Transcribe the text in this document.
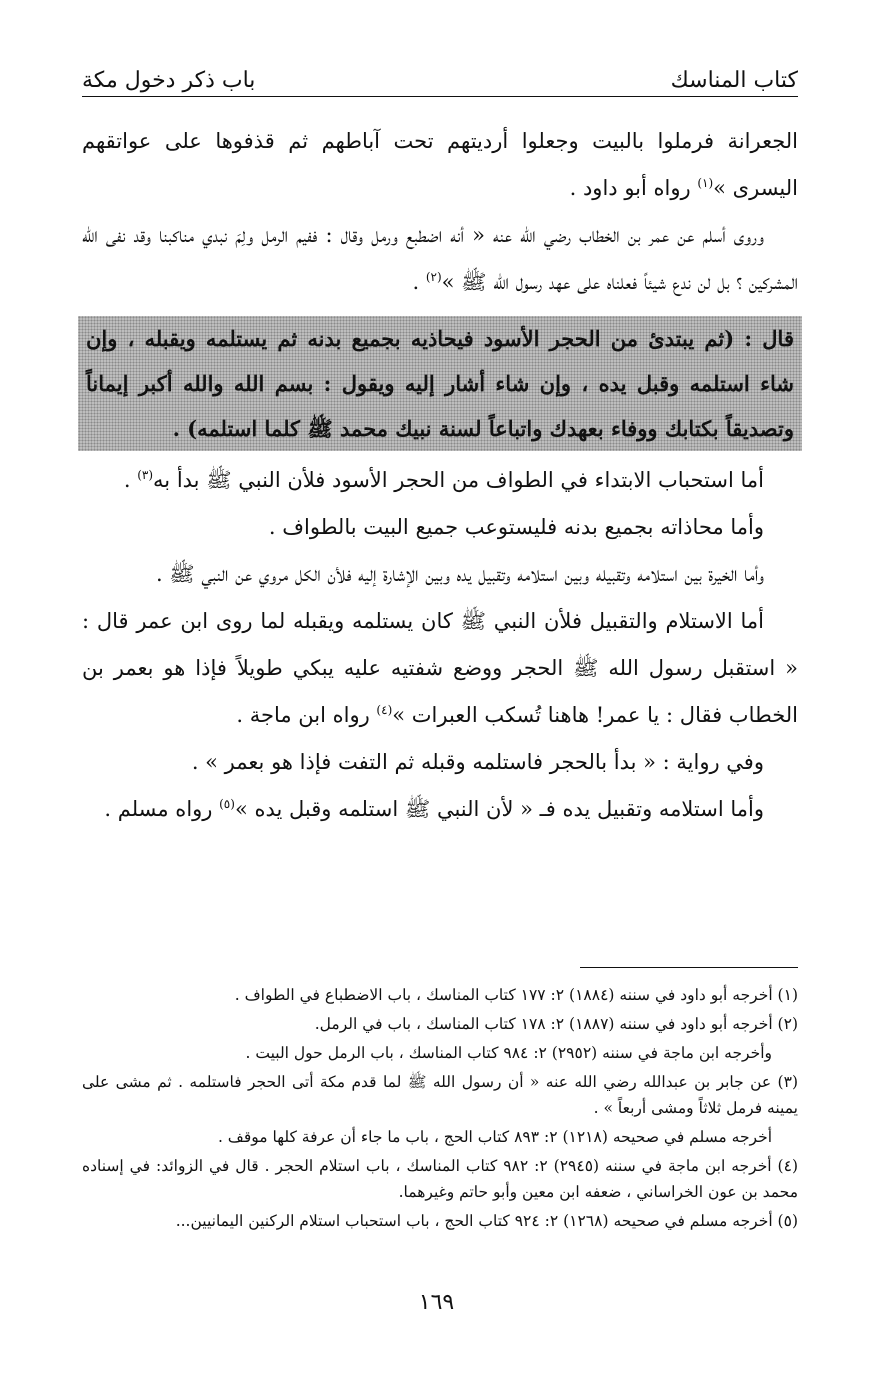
كتاب المناسك
باب ذكر دخول مكة

الجعرانة فرملوا بالبيت وجعلوا أرديتهم تحت آباطهم ثم قذفوها على عواتقهم اليسرى »$^{(١)}$ رواه أبو داود .

وروى أسلم عن عمر بن الخطاب رضي الله عنه « أنه اضطبع ورمل وقال : ففيم الرمل ولِمَ نبدي مناكبنا وقد نفى الله المشركين ؟ بل لن ندع شيئاً فعلناه على عهد رسول الله ﷺ »$^{(٢)}$ .

قال : (ثم يبتدئ من الحجر الأسود فيحاذيه بجميع بدنه ثم يستلمه ويقبله ، وإن شاء استلمه وقبل يده ، وإن شاء أشار إليه ويقول : بسم الله والله أكبر إيماناً وتصديقاً بكتابك ووفاء بعهدك واتباعاً لسنة نبيك محمد ﷺ كلما استلمه) .

أما استحباب الابتداء في الطواف من الحجر الأسود فلأن النبي ﷺ بدأ به$^{(٣)}$ .

وأما محاذاته بجميع بدنه فليستوعب جميع البيت بالطواف .

وأما الخيرة بين استلامه وتقبيله وبين استلامه وتقبيل يده وبين الإشارة إليه فلأن الكل مروي عن النبي ﷺ .

أما الاستلام والتقبيل فلأن النبي ﷺ كان يستلمه ويقبله لما روى ابن عمر قال : « استقبل رسول الله ﷺ الحجر ووضع شفتيه عليه يبكي طويلاً فإذا هو بعمر بن الخطاب فقال : يا عمر! هاهنا تُسكب العبرات »$^{(٤)}$ رواه ابن ماجة .

وفي رواية : « بدأ بالحجر فاستلمه وقبله ثم التفت فإذا هو بعمر » .

وأما استلامه وتقبيل يده فـ « لأن النبي ﷺ استلمه وقبل يده »$^{(٥)}$ رواه مسلم .

(١) أخرجه أبو داود في سننه (١٨٨٤) ٢: ١٧٧ كتاب المناسك ، باب الاضطباع في الطواف .

(٢) أخرجه أبو داود في سننه (١٨٨٧) ٢: ١٧٨ كتاب المناسك ، باب في الرمل.

وأخرجه ابن ماجة في سننه (٢٩٥٢) ٢: ٩٨٤ كتاب المناسك ، باب الرمل حول البيت .

(٣) عن جابر بن عبدالله رضي الله عنه « أن رسول الله ﷺ لما قدم مكة أتى الحجر فاستلمه . ثم مشى على يمينه فرمل ثلاثاً ومشى أربعاً » .

أخرجه مسلم في صحيحه (١٢١٨) ٢: ٨٩٣ كتاب الحج ، باب ما جاء أن عرفة كلها موقف .

(٤) أخرجه ابن ماجة في سننه (٢٩٤٥) ٢: ٩٨٢ كتاب المناسك ، باب استلام الحجر . قال في الزوائد: في إسناده محمد بن عون الخراساني ، ضعفه ابن معين وأبو حاتم وغيرهما.

(٥) أخرجه مسلم في صحيحه (١٢٦٨) ٢: ٩٢٤ كتاب الحج ، باب استحباب استلام الركنين اليمانيين...

١٦٩
